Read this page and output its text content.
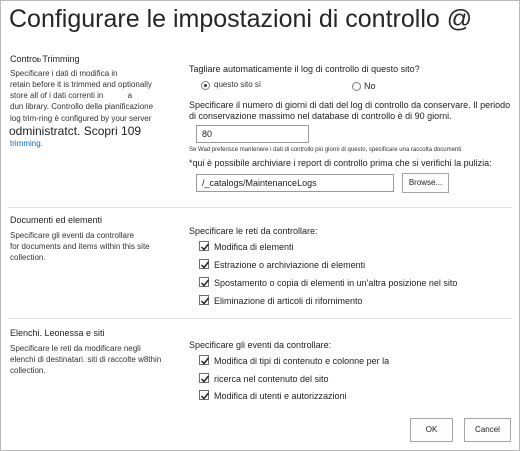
Configurare le impostazioni di controllo @
Controllo Trimming
Specificare i dati di modifica in
retain before it is trimmed and optionally
store all of i dati correnti in	a
dun library. Controllo della pianificazione
log trim-ring è configured by your server
odministratct. Scopri 109
trimming.
Tagliare automaticamente il log di controllo di questo sito?
questo sito sì	No
Specificare il numero di giorni di dati del log di controllo da conservare. Il periodo
di conservazione massimo nel database di controllo è di 90 giorni.
80
Se Wad preferisce mantenere i dati di controllo più giorni di questo, specificare una raccolta documenti
*qui è possibile archiviare i report di controllo prima che si verifichi la pulizia:
/_catalogs/MaintenanceLogs	Browse...
Documenti ed elementi
Specificare gli eventi da controllare
for documents and items within this site
collection.
Specificare le reti da controllare:
Modifica di elementi
Estrazione o archiviazione di elementi
Spostamento o copia di elementi in un'altra posizione nel sito
Eliminazione di articoli di rifornimento
Elenchi. Leonessa e siti
Specificare le reti da modificare negli
elenchi di destinatari. siti di raccolte w8thin
collection.
Specificare gli eventi da controllare:
Modifica di tipi di contenuto e colonne per la
ricerca nel contenuto del sito
Modifica di utenti e autorizzazioni
OK	Cancel
